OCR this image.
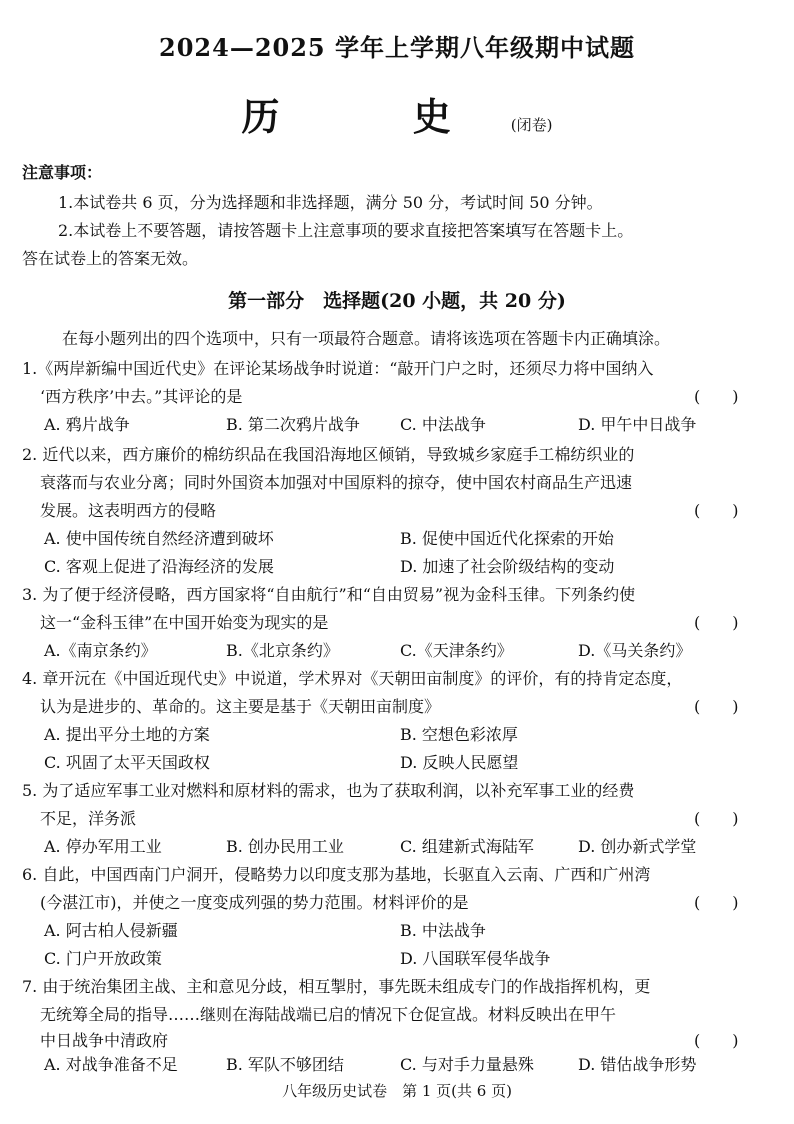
2024—2025 学年上学期八年级期中试题
历 史(闭卷)
注意事项：
1.本试卷共 6 页，分为选择题和非选择题，满分 50 分，考试时间 50 分钟。
2.本试卷上不要答题，请按答题卡上注意事项的要求直接把答案填写在答题卡上。
答在试卷上的答案无效。
第一部分　选择题(20 小题，共 20 分)
在每小题列出的四个选项中，只有一项最符合题意。请将该选项在答题卡内正确填涂。
1.《两岸新编中国近代史》在评论某场战争时说道：“敲开门户之时，还须尽力将中国纳入
‘西方秩序’中去。”其评论的是	(　　)
A. 鸦片战争	B. 第二次鸦片战争	C. 中法战争	D. 甲午中日战争
2. 近代以来，西方廉价的棉纺织品在我国沿海地区倾销，导致城乡家庭手工棉纺织业的
衰落而与农业分离；同时外国资本加强对中国原料的掠夺，使中国农村商品生产迅速
发展。这表明西方的侵略	(　　)
A. 使中国传统自然经济遭到破坏	B. 促使中国近代化探索的开始
C. 客观上促进了沿海经济的发展	D. 加速了社会阶级结构的变动
3. 为了便于经济侵略，西方国家将“自由航行”和“自由贸易”视为金科玉律。下列条约使
这一“金科玉律”在中国开始变为现实的是	(　　)
A.《南京条约》	B.《北京条约》	C.《天津条约》	D.《马关条约》
4. 章开沅在《中国近现代史》中说道，学术界对《天朝田亩制度》的评价，有的持肯定态度，
认为是进步的、革命的。这主要是基于《天朝田亩制度》	(　　)
A. 提出平分土地的方案	B. 空想色彩浓厚
C. 巩固了太平天国政权	D. 反映人民愿望
5. 为了适应军事工业对燃料和原材料的需求，也为了获取利润，以补充军事工业的经费
不足，洋务派	(　　)
A. 停办军用工业	B. 创办民用工业	C. 组建新式海陆军	D. 创办新式学堂
6. 自此，中国西南门户洞开，侵略势力以印度支那为基地，长驱直入云南、广西和广州湾
(今湛江市)，并使之一度变成列强的势力范围。材料评价的是	(　　)
A. 阿古柏人侵新疆	B. 中法战争
C. 门户开放政策	D. 八国联军侵华战争
7. 由于统治集团主战、主和意见分歧，相互掣肘，事先既未组成专门的作战指挥机构，更
无统筹全局的指导……继则在海陆战端已启的情况下仓促宣战。材料反映出在甲午
中日战争中清政府	(　　)
A. 对战争准备不足	B. 军队不够团结	C. 与对手力量悬殊	D. 错估战争形势
八年级历史试卷　第 1 页(共 6 页)
